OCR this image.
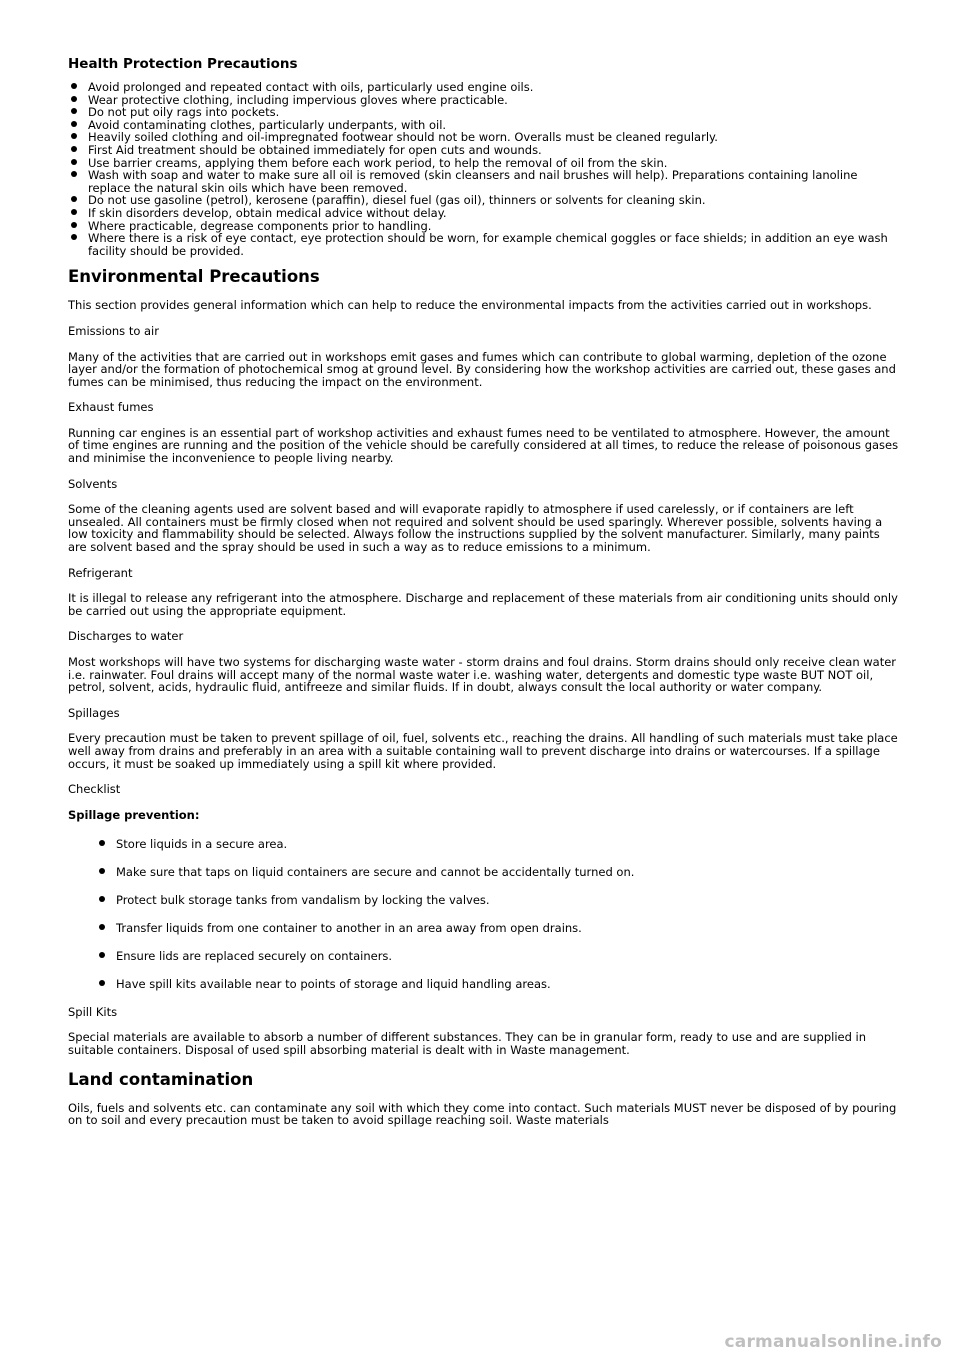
Health Protection Precautions
Avoid prolonged and repeated contact with oils, particularly used engine oils.
Wear protective clothing, including impervious gloves where practicable.
Do not put oily rags into pockets.
Avoid contaminating clothes, particularly underpants, with oil.
Heavily soiled clothing and oil-impregnated footwear should not be worn. Overalls must be cleaned regularly.
First Aid treatment should be obtained immediately for open cuts and wounds.
Use barrier creams, applying them before each work period, to help the removal of oil from the skin.
Wash with soap and water to make sure all oil is removed (skin cleansers and nail brushes will help). Preparations containing lanoline replace the natural skin oils which have been removed.
Do not use gasoline (petrol), kerosene (paraffin), diesel fuel (gas oil), thinners or solvents for cleaning skin.
If skin disorders develop, obtain medical advice without delay.
Where practicable, degrease components prior to handling.
Where there is a risk of eye contact, eye protection should be worn, for example chemical goggles or face shields; in addition an eye wash facility should be provided.
Environmental Precautions

This section provides general information which can help to reduce the environmental impacts from the activities carried out in workshops.

Emissions to air

Many of the activities that are carried out in workshops emit gases and fumes which can contribute to global warming, depletion of the ozone layer and/or the formation of photochemical smog at ground level. By considering how the workshop activities are carried out, these gases and fumes can be minimised, thus reducing the impact on the environment.

Exhaust fumes

Running car engines is an essential part of workshop activities and exhaust fumes need to be ventilated to atmosphere. However, the amount of time engines are running and the position of the vehicle should be carefully considered at all times, to reduce the release of poisonous gases and minimise the inconvenience to people living nearby.

Solvents

Some of the cleaning agents used are solvent based and will evaporate rapidly to atmosphere if used carelessly, or if containers are left unsealed. All containers must be firmly closed when not required and solvent should be used sparingly. Wherever possible, solvents having a low toxicity and flammability should be selected. Always follow the instructions supplied by the solvent manufacturer. Similarly, many paints are solvent based and the spray should be used in such a way as to reduce emissions to a minimum.

Refrigerant

It is illegal to release any refrigerant into the atmosphere. Discharge and replacement of these materials from air conditioning units should only be carried out using the appropriate equipment.

Discharges to water

Most workshops will have two systems for discharging waste water - storm drains and foul drains. Storm drains should only receive clean water i.e. rainwater. Foul drains will accept many of the normal waste water i.e. washing water, detergents and domestic type waste BUT NOT oil, petrol, solvent, acids, hydraulic fluid, antifreeze and similar fluids. If in doubt, always consult the local authority or water company.

Spillages

Every precaution must be taken to prevent spillage of oil, fuel, solvents etc., reaching the drains. All handling of such materials must take place well away from drains and preferably in an area with a suitable containing wall to prevent discharge into drains or watercourses. If a spillage occurs, it must be soaked up immediately using a spill kit where provided.

Checklist

Spillage prevention:
Store liquids in a secure area.
Make sure that taps on liquid containers are secure and cannot be accidentally turned on.
Protect bulk storage tanks from vandalism by locking the valves.
Transfer liquids from one container to another in an area away from open drains.
Ensure lids are replaced securely on containers.
Have spill kits available near to points of storage and liquid handling areas.

Spill Kits

Special materials are available to absorb a number of different substances. They can be in granular form, ready to use and are supplied in suitable containers. Disposal of used spill absorbing material is dealt with in Waste management.

Land contamination

Oils, fuels and solvents etc. can contaminate any soil with which they come into contact. Such materials MUST never be disposed of by pouring on to soil and every precaution must be taken to avoid spillage reaching soil. Waste materials

carmanualsonline.info
